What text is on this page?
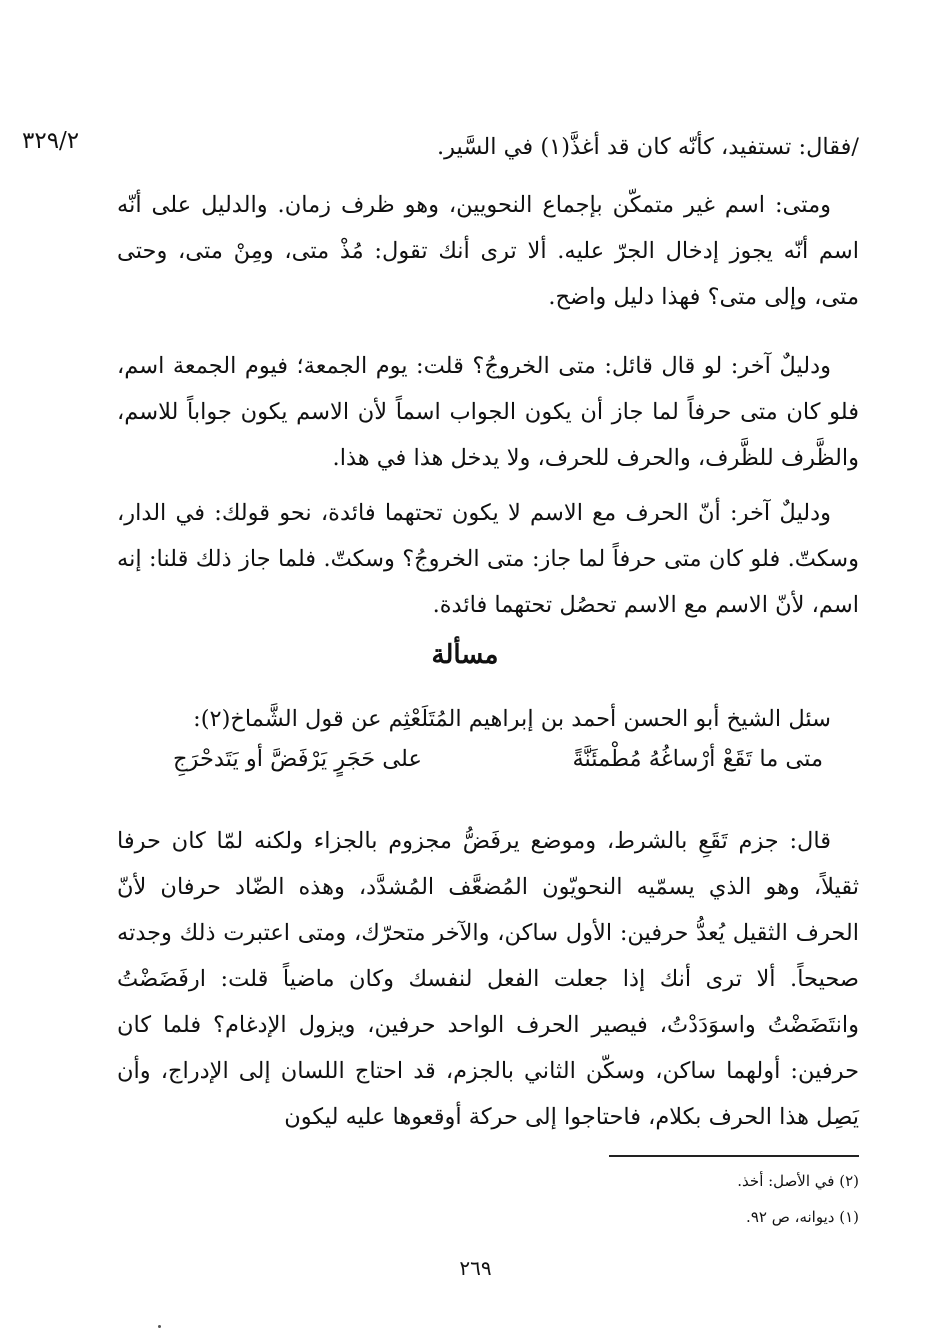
٣٢٩/٢	/فقال: تستفيد، كأنّه كان قد أغذَّ(١) في السَّير.

ومتى: اسم غير متمكّن بإجماع النحويين، وهو ظرف زمان. والدليل على أنّه اسم أنّه يجوز إدخال الجرّ عليه. ألا ترى أنك تقول: مُذْ متى، ومِنْ متى، وحتى متى، وإلى متى؟ فهذا دليل واضح.

ودليلٌ آخر: لو قال قائل: متى الخروجُ؟ قلت: يوم الجمعة؛ فيوم الجمعة اسم، فلو كان متى حرفاً لما جاز أن يكون الجواب اسماً لأن الاسم يكون جواباً للاسم، والظَّرف للظَّرف، والحرف للحرف، ولا يدخل هذا في هذا.

ودليلٌ آخر: أنّ الحرف مع الاسم لا يكون تحتهما فائدة، نحو قولك: في الدار، وسكتّ. فلو كان متى حرفاً لما جاز: متى الخروجُ؟ وسكتّ. فلما جاز ذلك قلنا: إنه اسم، لأنّ الاسم مع الاسم تحصُل تحتهما فائدة.

مسألة
سئل الشيخ أبو الحسن أحمد بن إبراهيم المُتَلَعْثِم عن قول الشَّماخ(٢):
متى ما تَقَعْ أرْساغُهُ مُطْمئَنَّةً
على حَجَرٍ يَرْفَضَّ أو يَتَدحْرَجِ

قال: جزم تَقَعِ بالشرط، وموضع يرفَضُّ مجزوم بالجزاء ولكنه لمّا كان حرفا ثقيلاً، وهو الذي يسمّيه النحويّون المُضعَّف المُشدَّد، وهذه الضّاد حرفان لأنّ الحرف الثقيل يُعدُّ حرفين: الأول ساكن، والآخر متحرّك، ومتى اعتبرت ذلك وجدته صحيحاً. ألا ترى أنك إذا جعلت الفعل لنفسك وكان ماضياً قلت: ارفَضَضْتُ وانتَضَضْتُ واسوَدَدْتُ، فيصير الحرف الواحد حرفين، ويزول الإدغام؟ فلما كان حرفين: أولهما ساكن، وسكّن الثاني بالجزم، قد احتاج اللسان إلى الإدراج، وأن يَصِل هذا الحرف بكلام، فاحتاجوا إلى حركة أوقعوها عليه ليكون

(٢) في الأصل: أخذ.

(١) ديوانه، ص ٩٢.

٢٦٩
